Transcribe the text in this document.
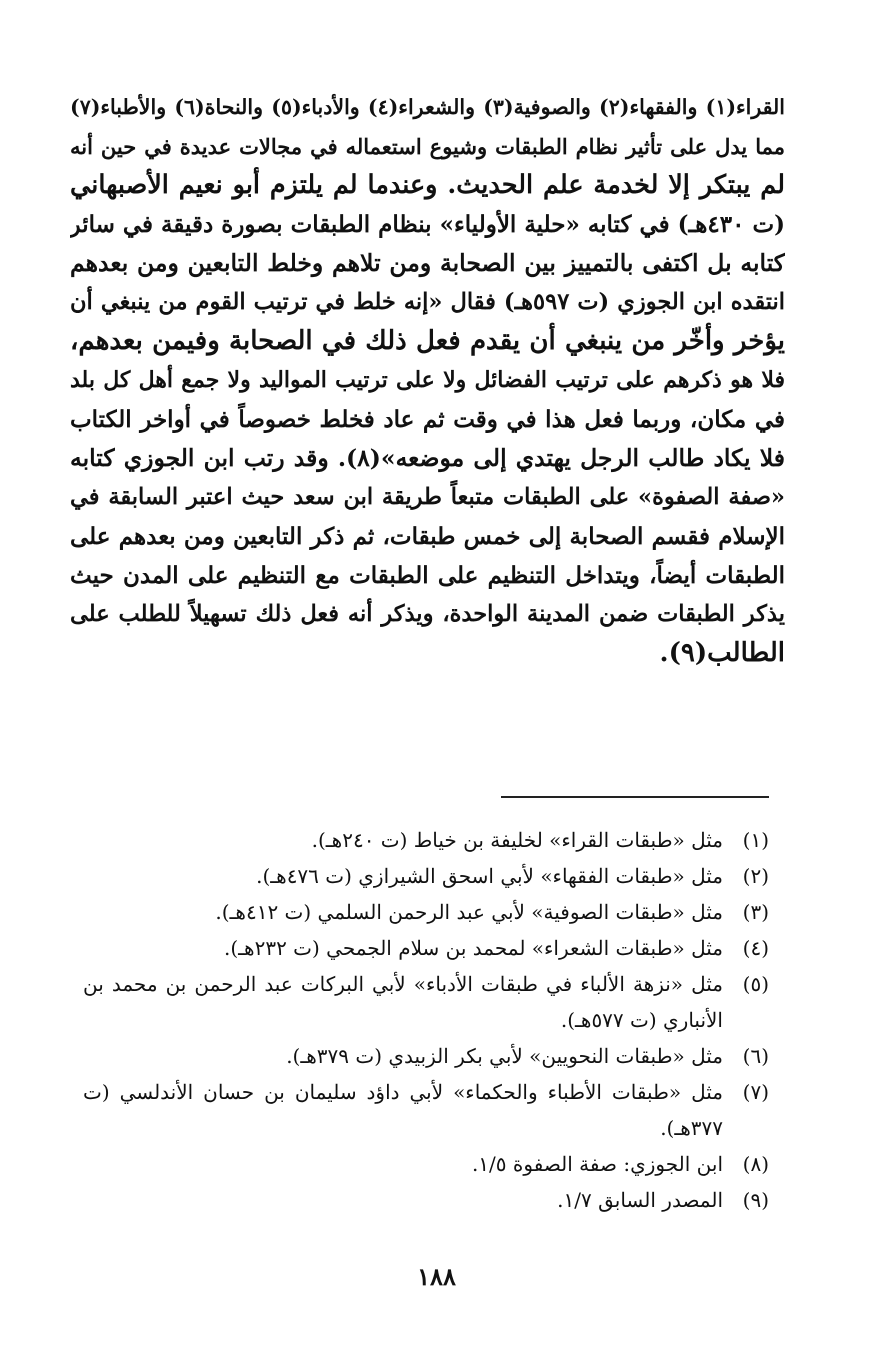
القراء(١) والفقهاء(٢) والصوفية(٣) والشعراء(٤) والأدباء(٥) والنحاة(٦) والأطباء(٧)
مما يدل على تأثير نظام الطبقات وشيوع استعماله في مجالات عديدة في حين أنه
لم يبتكر إلا لخدمة علم الحديث. وعندما لم يلتزم أبو نعيم الأصبهاني
(ت ٤٣٠هـ) في كتابه «حلية الأولياء» بنظام الطبقات بصورة دقيقة في سائر
كتابه بل اكتفى بالتمييز بين الصحابة ومن تلاهم وخلط التابعين ومن بعدهم
انتقده ابن الجوزي (ت ٥٩٧هـ) فقال «إنه خلط في ترتيب القوم من ينبغي أن
يؤخر وأخّر من ينبغي أن يقدم فعل ذلك في الصحابة وفيمن بعدهم،
فلا هو ذكرهم على ترتيب الفضائل ولا على ترتيب المواليد ولا جمع أهل كل بلد
في مكان، وربما فعل هذا في وقت ثم عاد فخلط خصوصاً في أواخر الكتاب
فلا يكاد طالب الرجل يهتدي إلى موضعه»(٨). وقد رتب ابن الجوزي كتابه
«صفة الصفوة» على الطبقات متبعاً طريقة ابن سعد حيث اعتبر السابقة في
الإسلام فقسم الصحابة إلى خمس طبقات، ثم ذكر التابعين ومن بعدهم على
الطبقات أيضاً، ويتداخل التنظيم على الطبقات مع التنظيم على المدن حيث
يذكر الطبقات ضمن المدينة الواحدة، ويذكر أنه فعل ذلك تسهيلاً للطلب على
الطالب(٩).
(١)
مثل «طبقات القراء» لخليفة بن خياط (ت ٢٤٠هـ).
(٢)
مثل «طبقات الفقهاء» لأبي اسحق الشيرازي (ت ٤٧٦هـ).
(٣)
مثل «طبقات الصوفية» لأبي عبد الرحمن السلمي (ت ٤١٢هـ).
(٤)
مثل «طبقات الشعراء» لمحمد بن سلام الجمحي (ت ٢٣٢هـ).
(٥)
مثل «نزهة الألباء في طبقات الأدباء» لأبي البركات عبد الرحمن بن محمد بن الأنباري (ت ٥٧٧هـ).
(٦)
مثل «طبقات النحويين» لأبي بكر الزبيدي (ت ٣٧٩هـ).
(٧)
مثل «طبقات الأطباء والحكماء» لأبي داؤد سليمان بن حسان الأندلسي (ت ٣٧٧هـ).
(٨)
ابن الجوزي: صفة الصفوة ١/٥.
(٩)
المصدر السابق ١/٧.
١٨٨
